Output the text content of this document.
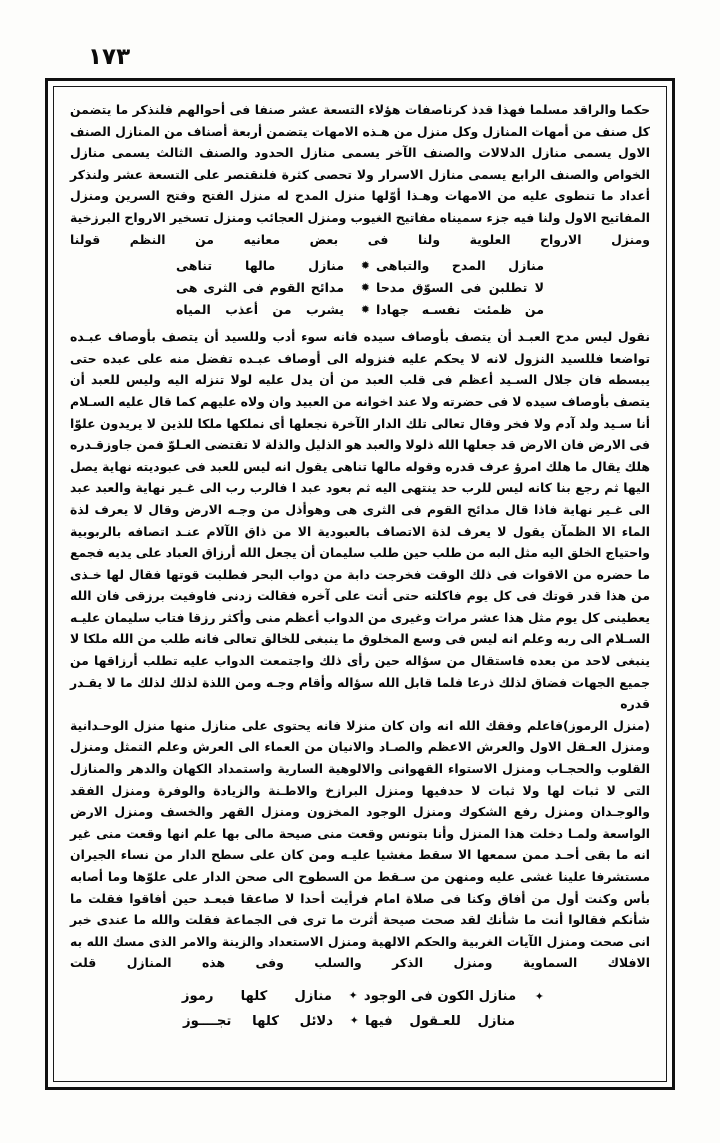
١٧٣

حكما والراقد مسلما فهذا قدذ كرناصفات هؤلاء التسعة عشر صنفا فى أحوالهم فلنذكر ما يتضمن كل صنف من أمهات المنازل وكل منزل من هـذه الامهات يتضمن أربعة أصناف من المنازل الصنف الاول يسمى منازل الدلالات والصنف الآخر يسمى منازل الحدود والصنف الثالث يسمى منازل الخواص والصنف الرابع يسمى منازل الاسرار ولا تحصى كثرة فلنقتصر على التسعة عشر ولنذكر أعداد ما تنطوى عليه من الامهات وهـذا أوّلها منزل المدح له منزل الفتح وفتح السرين ومنزل المفاتيح الاول ولنا فيه جزء سميناه مفاتيح الغيوب ومنزل العجائب ومنزل تسخير الارواح البرزخية ومنزل الارواح العلوية ولنا فى بعض معانيه من النظم قولنا

منازل المدح والتباهى
✹
منازل مالها تناهى
لا تطلبن فى السوّق مدحا
✹
مدائح القوم فى الثرى هى
من ظمئت نفسـه جهادا
✹
يشرب من أعذب المياه

نقول ليس مدح العبـد أن يتصف بأوصاف سيده فانه سوء أدب وللسيد أن يتصف بأوصاف عبـده تواضعا فللسيد النزول لانه لا يحكم عليه فنزوله الى أوصاف عبـده تفضل منه على عبده حتى يبسطه فان جلال السـيد أعظم فى قلب العبد من أن يدل عليه لولا تنزله اليه وليس للعبد أن يتصف بأوصاف سيده لا فى حضرته ولا عند اخوانه من العبيد وان ولاه عليهم كما قال عليه السـلام أنا سـيد ولد آدم ولا فخر وقال تعالى تلك الدار الآخرة نجعلها أى نملكها ملكا للذين لا يريدون علوّا فى الارض فان الارض قد جعلها الله ذلولا والعبد هو الذليل والذلة لا تقتضى العـلوّ فمن جاوزقـدره هلك يقال ما هلك امرؤ عرف قدره وقوله مالها تناهى يقول انه ليس للعبد فى عبوديته نهاية يصل اليها ثم رجع بنا كانه ليس للرب حد ينتهى اليه ثم بعود عبد ا فالرب رب الى غـير نهاية والعبد عبد الى غـير نهاية فاذا قال مدائح القوم فى الثرى هى وهوأذل من وجـه الارض وقال لا يعرف لذة الماء الا الظمآن يقول لا يعرف لذة الاتصاف بالعبودية الا من ذاق الآلام عنـد اتصافه بالربوبية واحتياج الخلق اليه مثل البه من طلب حين طلب سليمان أن يجعل الله أرزاق العباد على يديه فجمع ما حضره من الاقوات فى ذلك الوقت فخرجت دابة من دواب البحر فطلبت قوتها فقال لها خـذى من هذا قدر قوتك فى كل يوم فاكلته حتى أتت على آخره فقالت زدنى فاوفيت برزقى فان الله يعطينى كل يوم مثل هذا عشر مرات وغيرى من الدواب أعظم منى وأكثر رزقا فتاب سليمان عليـه السـلام الى ربه وعلم انه ليس فى وسع المخلوق ما ينبغى للخالق تعالى فانه طلب من الله ملكا لا ينبغى لاحد من بعده فاستقال من سؤاله حين رأى ذلك واجتمعت الدواب عليه تطلب أرزاقها من جميع الجهات فضاق لذلك ذرعا فلما قابل الله سؤاله وأقام وجـه ومن اللذة لذلك لذلك ما لا يقـدر قدره

(منزل الرموز)فاعلم وفقك الله انه وان كان منزلا فانه يحتوى على منازل منها منزل الوحـدانية ومنزل العـقل الاول والعرش الاعظم والصـاد والانيان من العماء الى العرش وعلم التمثل ومنزل القلوب والحجـاب ومنزل الاستواء القهوانى والالوهية السارية واستمداد الكهان والدهر والمنازل التى لا ثبات لها ولا ثبات لا حدفيها ومنزل البرازخ والاطـنة والزيادة والوفرة ومنزل الفقد والوجـدان ومنزل رفع الشكوك ومنزل الوجود المخزون ومنزل القهر والخسف ومنزل الارض الواسعة ولمـا دخلت هذا المنزل وأنا بتونس وقعت منى صيحة مالى بها علم انها وقعت منى غير انه ما بقى أحـد ممن سمعها الا سقط مغشيا عليـه ومن كان على سطح الدار من نساء الجيران مستشرفا علينا غشى عليه ومنهن من سـقط من السطوح الى صحن الدار على علوّها وما أصابه بأس وكنت أول من أفاق وكنا فى صلاة امام فرأيت أحدا لا صاعقا فبعـد حين أفاقوا فقلت ما شأنكم فقالوا أنت ما شأنك لقد صحت صيحة أثرت ما ترى فى الجماعة فقلت والله ما عندى خبر انى صحت ومنزل الآيات الغربية والحكم الالهية ومنزل الاستعداد والزينة والامر الذى مسك الله به الافلاك السماوية ومنزل الذكر والسلب وفى هذه المنازل قلت

✦
منازل الكون فى الوجود
✦
منازل كلها رموز
منازل للعـقول فيها
✦
دلائل كلها تجــــوز
